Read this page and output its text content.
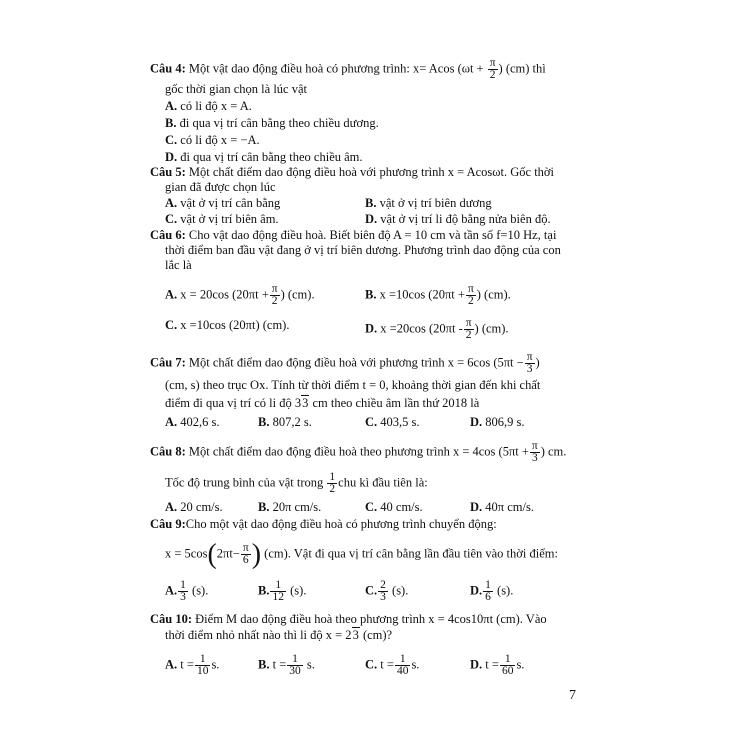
Câu 4: Một vật dao động điều hoà có phương trình: x= Acos ($\omega t + \frac{\pi}{2}$ ) (cm) thì
gốc thời gian chọn là lúc vật
A. có li độ x = A.
B. đi qua vị trí cân bằng theo chiều dương.
C. có li độ x = −A.
D. đi qua vị trí cân bằng theo chiều âm.
Câu 5: Một chất điểm dao động điều hoà với phương trình x = Acosωt. Gốc thời
gian đã được chọn lúc
A. vật ở vị trí cân bằng	B. vật ở vị trí biên dương
C. vật ở vị trí biên âm.	D. vật ở vị trí li độ bằng nửa biên độ.
Câu 6: Cho vật dao động điều hoà. Biết biên độ A = 10 cm và tần số f=10 Hz, tại
thời điểm ban đầu vật đang ở vị trí biên dương. Phương trình dao động của con
lắc là
A. x = 20cos ($20\pi t + \frac{\pi}{2}$ ) (cm).	B. x =10cos ($20\pi t + \frac{\pi}{2}$ ) (cm).
C. x =10cos (20πt) (cm).	D. x =20cos ($20\pi t - \frac{\pi}{2}$ ) (cm).
Câu 7: Một chất điểm dao động điều hoà với phương trình x = 6cos ($5\pi t - \frac{\pi}{3}$ )
(cm, s) theo trục Ox. Tính từ thời điểm t = 0, khoảng thời gian đến khi chất
điểm đi qua vị trí có li độ 33 cm theo chiều âm lần thứ 2018 là
A. 402,6 s.	B. 807,2 s.	C. 403,5 s.	D. 806,9 s.
Câu 8: Một chất điểm dao động điều hoà theo phương trình x = 4cos ($5\pi t + \frac{\pi}{3}$ ) cm.
Tốc độ trung bình của vật trong $\frac{1}{2}$ chu kì đầu tiên là:
A. 20 cm/s.	B. 20π cm/s.	C. 40 cm/s.	D. 40π cm/s.
Câu 9:Cho một vật dao động điều hoà có phương trình chuyển động:
$x = 5\cos(2\pi t- \frac{\pi}{6}$ ) (cm). Vật đi qua vị trí cân bằng lần đầu tiên vào thời điểm:
A. $\frac{1}{3} (s)$.	B. $\frac{1}{12} (s)$.	C. $\frac{2}{3} (s)$.	D. $\frac{1}{6} (s)$.
Câu 10: Điểm M dao động điều hoà theo phương trình x = 4cos10πt (cm). Vào
thời điểm nhỏ nhất nào thì li độ x = 23 (cm)?
A. $t = \frac{1}{10} s$.	B. $t = \frac{1}{30} s$.	C. $t = \frac{1}{40} s$.	D. $t = \frac{1}{60} s$.
7
